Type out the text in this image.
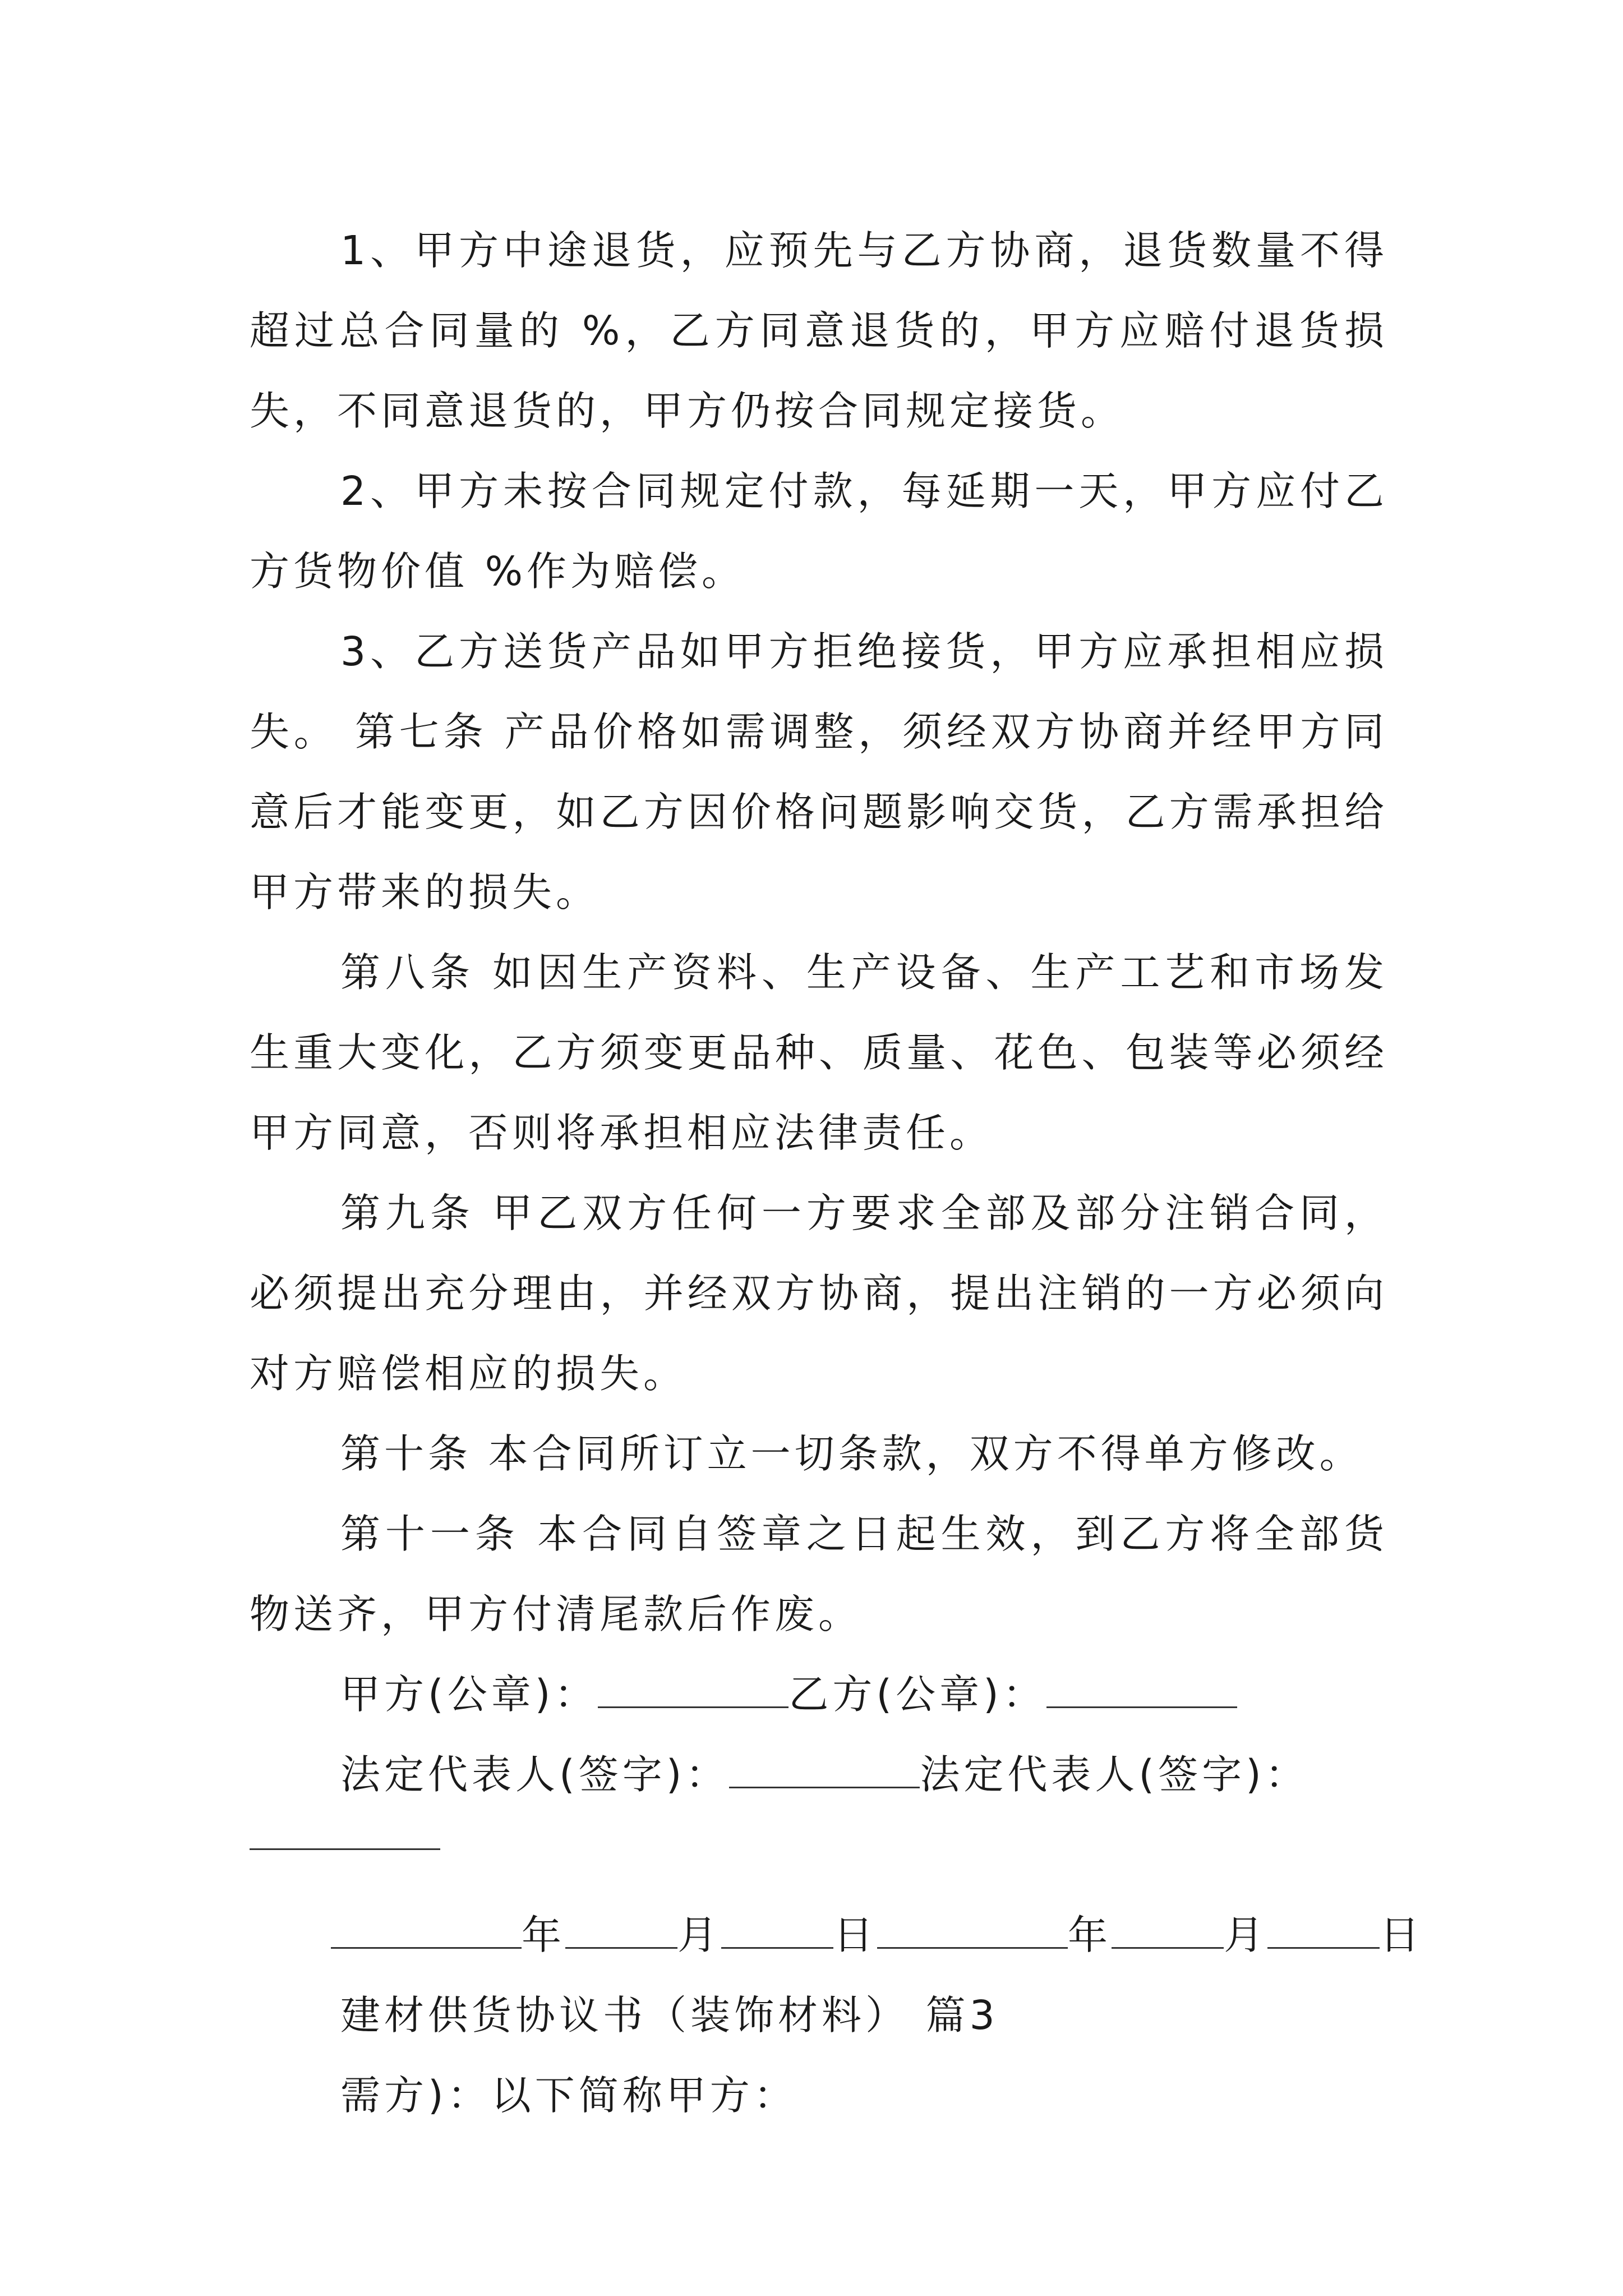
1、甲方中途退货，应预先与乙方协商，退货数量不得超过总合同量的 %，乙方同意退货的，甲方应赔付退货损失，不同意退货的，甲方仍按合同规定接货。

2、甲方未按合同规定付款，每延期一天，甲方应付乙方货物价值 %作为赔偿。

3、乙方送货产品如甲方拒绝接货，甲方应承担相应损失。 第七条 产品价格如需调整，须经双方协商并经甲方同意后才能变更，如乙方因价格问题影响交货，乙方需承担给甲方带来的损失。

第八条 如因生产资料、生产设备、生产工艺和市场发生重大变化，乙方须变更品种、质量、花色、包装等必须经甲方同意，否则将承担相应法律责任。

第九条 甲乙双方任何一方要求全部及部分注销合同，必须提出充分理由，并经双方协商，提出注销的一方必须向对方赔偿相应的损失。

第十条 本合同所订立一切条款，双方不得单方修改。

第十一条 本合同自签章之日起生效，到乙方将全部货物送齐，甲方付清尾款后作废。

甲方(公章)：	乙方(公章)：

法定代表人(签字)：	法定代表人(签字)：

年	月	日	年	月	日

建材供货协议书（装饰材料） 篇3

需方)：以下简称甲方：
